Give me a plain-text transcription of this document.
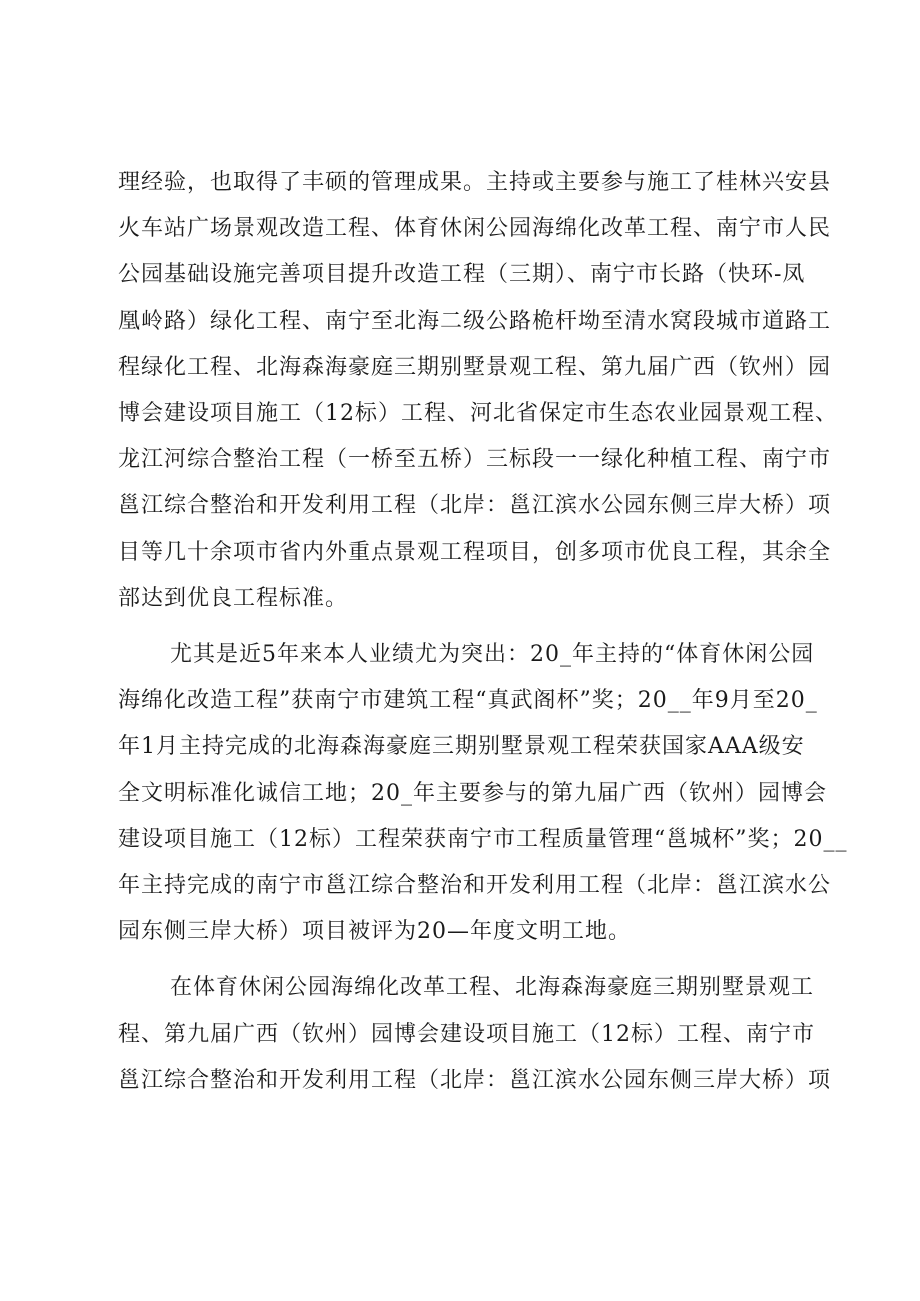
理经验，也取得了丰硕的管理成果。主持或主要参与施工了桂林兴安县
火车站广场景观改造工程、体育休闲公园海绵化改革工程、南宁市人民
公园基础设施完善项目提升改造工程（三期）、南宁市长路（快环-凤
凰岭路）绿化工程、南宁至北海二级公路桅杆坳至清水窝段城市道路工
程绿化工程、北海森海豪庭三期别墅景观工程、第九届广西（钦州）园
博会建设项目施工（12标）工程、河北省保定市生态农业园景观工程、
龙江河综合整治工程（一桥至五桥）三标段一一绿化种植工程、南宁市
邕江综合整治和开发利用工程（北岸：邕江滨水公园东侧三岸大桥）项
目等几十余项市省内外重点景观工程项目，创多项市优良工程，其余全
部达到优良工程标准。

尤其是近5年来本人业绩尤为突出：20_年主持的“体育休闲公园
海绵化改造工程”获南宁市建筑工程“真武阁杯”奖；20__年9月至20_
年1月主持完成的北海森海豪庭三期别墅景观工程荣获国家AAA级安
全文明标准化诚信工地；20_年主要参与的第九届广西（钦州）园博会
建设项目施工（12标）工程荣获南宁市工程质量管理“邕城杯”奖；20__
年主持完成的南宁市邕江综合整治和开发利用工程（北岸：邕江滨水公
园东侧三岸大桥）项目被评为20—年度文明工地。

在体育休闲公园海绵化改革工程、北海森海豪庭三期别墅景观工
程、第九届广西（钦州）园博会建设项目施工（12标）工程、南宁市
邕江综合整治和开发利用工程（北岸：邕江滨水公园东侧三岸大桥）项
